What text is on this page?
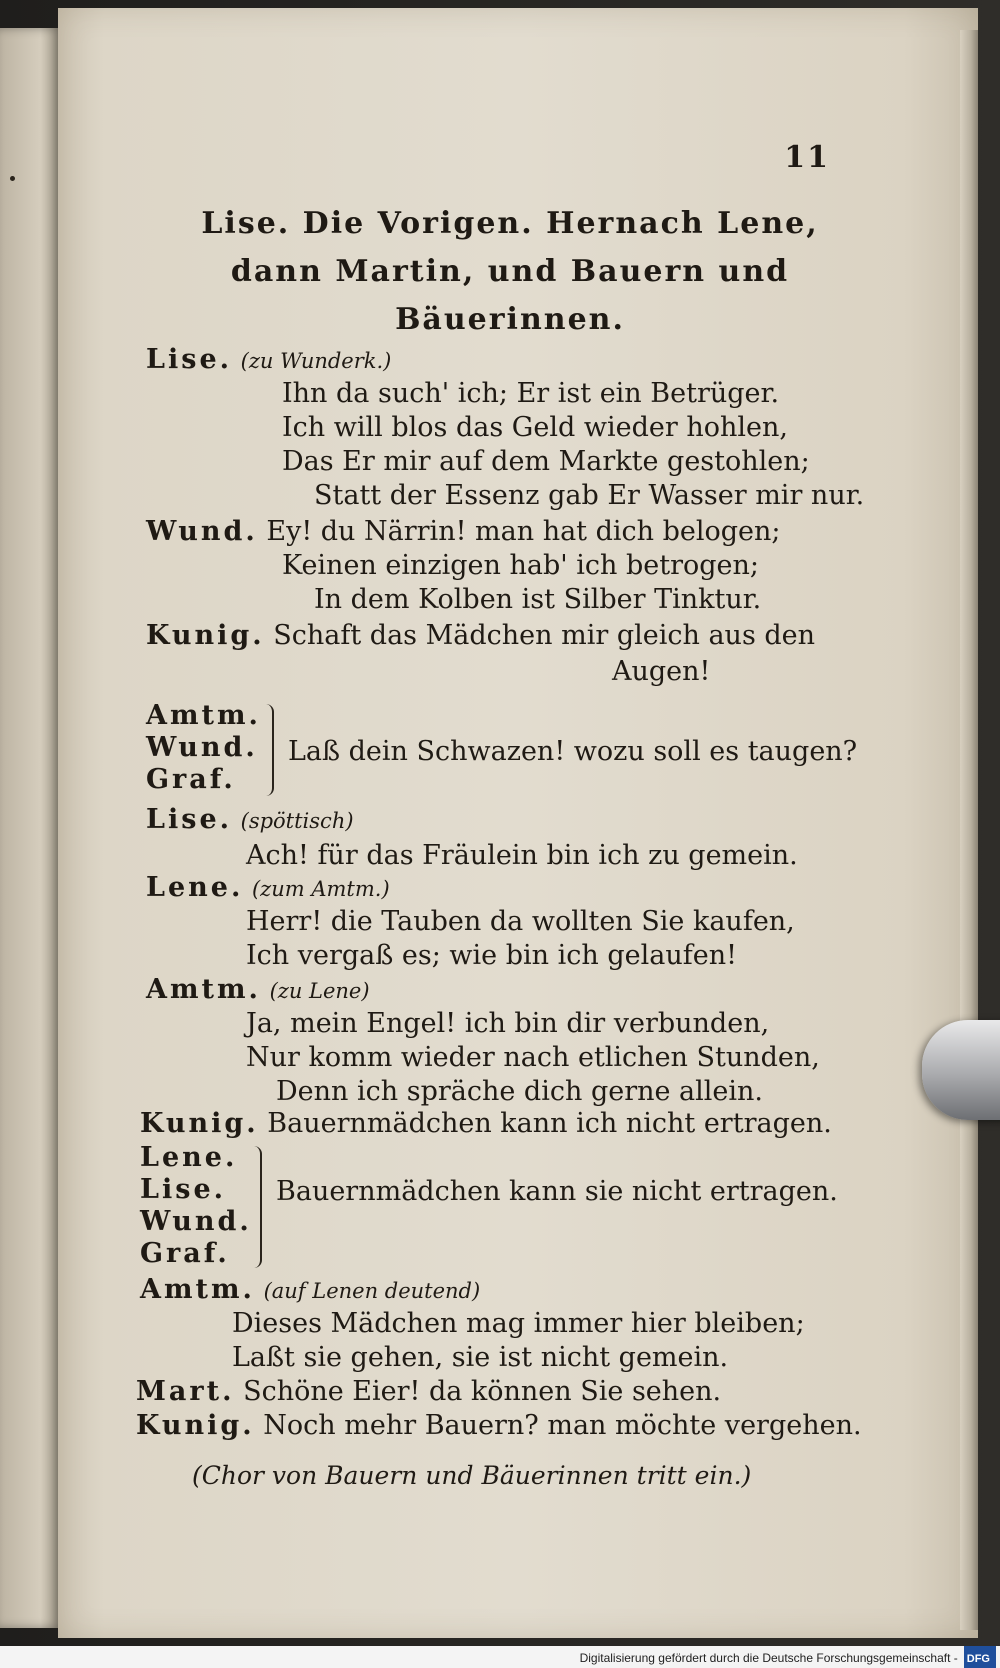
11
Lise. Die Vorigen. Hernach Lene,
dann Martin, und Bauern und
Bäuerinnen.
Lise. (zu Wunderk.)
Ihn da such' ich; Er ist ein Betrüger.
Ich will blos das Geld wieder hohlen,
Das Er mir auf dem Markte gestohlen;
Statt der Essenz gab Er Wasser mir nur.
Wund. Ey! du Närrin! man hat dich belogen;
Keinen einzigen hab' ich betrogen;
In dem Kolben ist Silber Tinktur.
Kunig. Schaft das Mädchen mir gleich aus den
Augen!
Amtm.
Wund.
Graf.
Laß dein Schwazen! wozu soll es taugen?
Lise. (spöttisch)
Ach! für das Fräulein bin ich zu gemein.
Lene. (zum Amtm.)
Herr! die Tauben da wollten Sie kaufen,
Ich vergaß es; wie bin ich gelaufen!
Amtm. (zu Lene)
Ja, mein Engel! ich bin dir verbunden,
Nur komm wieder nach etlichen Stunden,
Denn ich spräche dich gerne allein.
Kunig. Bauernmädchen kann ich nicht ertragen.
Lene.
Lise.
Wund.
Graf.
Bauernmädchen kann sie nicht ertragen.
Amtm. (auf Lenen deutend)
Dieses Mädchen mag immer hier bleiben;
Laßt sie gehen, sie ist nicht gemein.
Mart. Schöne Eier! da können Sie sehen.
Kunig. Noch mehr Bauern? man möchte vergehen.
(Chor von Bauern und Bäuerinnen tritt ein.)
Digitalisierung gefördert durch die Deutsche Forschungsgemeinschaft - DFG
